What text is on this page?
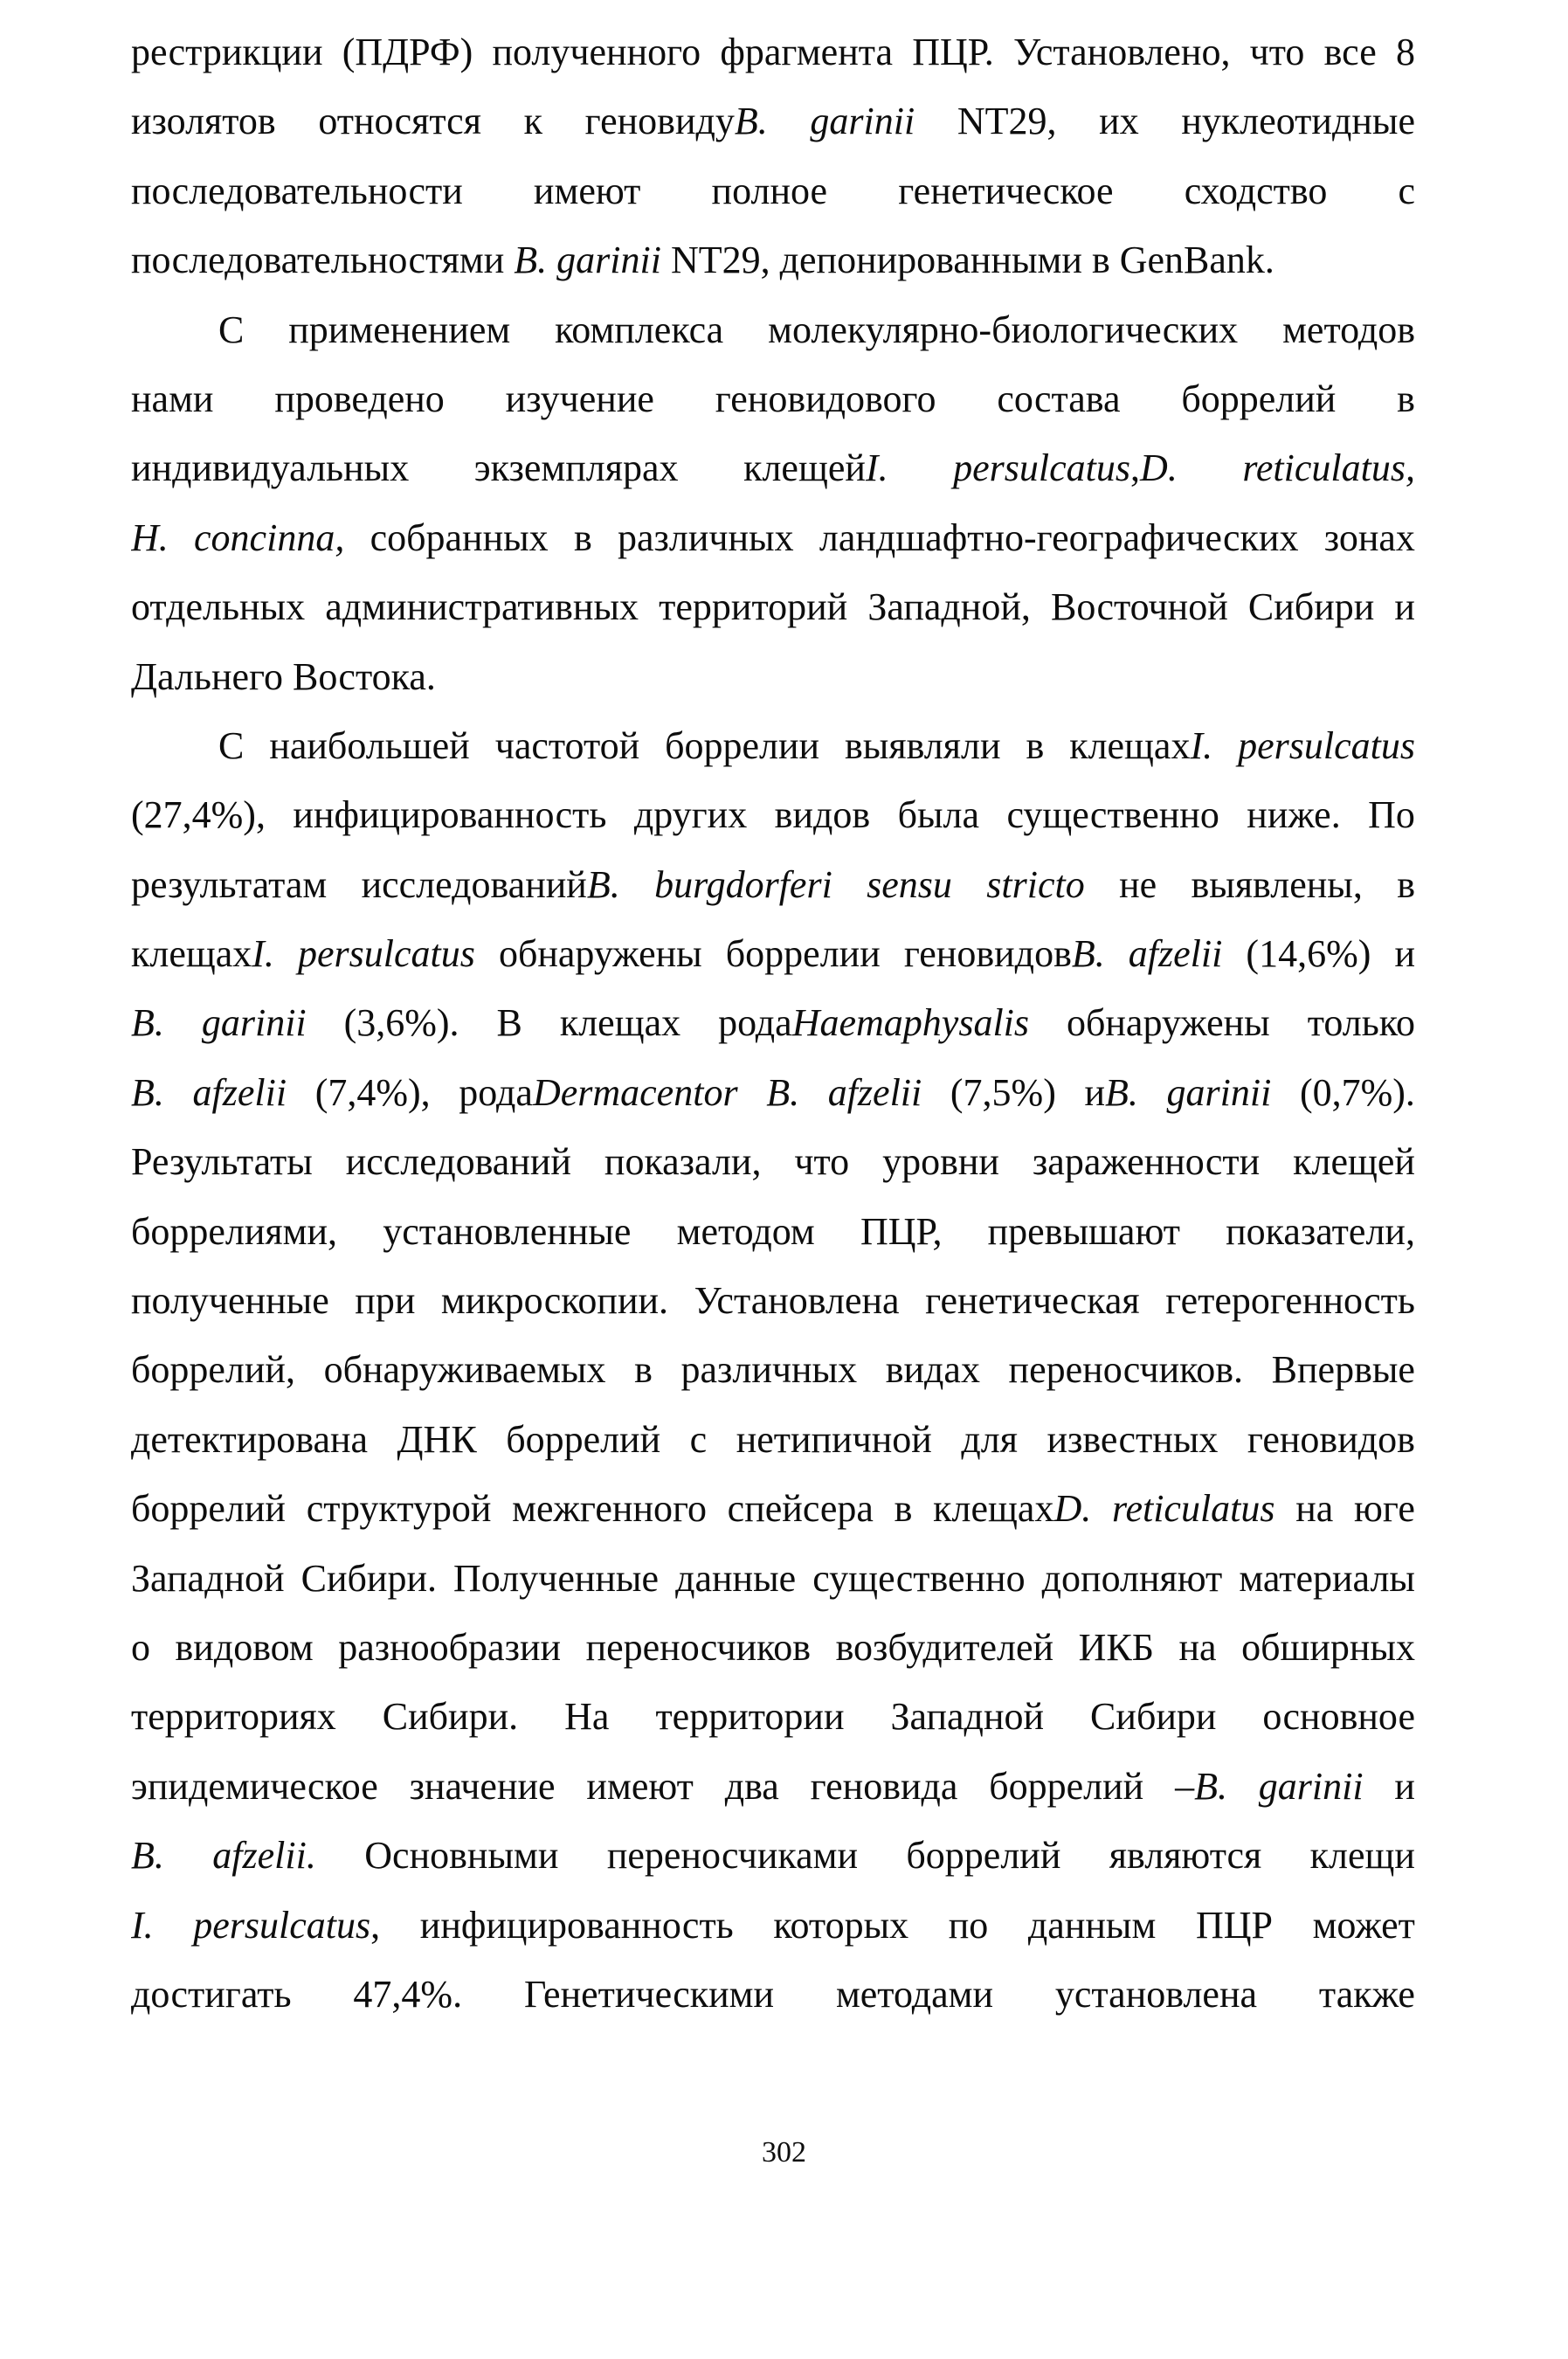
рестрикции (ПДРФ) полученного фрагмента ПЦР. Установлено, что все 8
изолятов относятся к геновидуB. garinii NT29, их нуклеотидные
последовательности имеют полное генетическое сходство с
последовательностями B. garinii NT29, депонированными в GenBank.
С применением комплекса молекулярно-биологических методов
нами проведено изучение геновидового состава боррелий в
индивидуальных экземплярах клещейI. persulcatus,D. reticulatus,
H. concinna, собранных в различных ландшафтно-географических зонах
отдельных административных территорий Западной, Восточной Сибири и
Дальнего Востока.
С наибольшей частотой боррелии выявляли в клещахI. persulcatus
(27,4%), инфицированность других видов была существенно ниже. По
результатам исследованийB. burgdorferi sensu stricto не выявлены, в
клещахI. persulcatus обнаружены боррелии геновидовB. afzelii (14,6%) и
B. garinii (3,6%). В клещах родаHaemaphysalis обнаружены только
B. afzelii (7,4%), родаDermacentor B. afzelii (7,5%) иB. garinii (0,7%).
Результаты исследований показали, что уровни зараженности клещей
боррелиями, установленные методом ПЦР, превышают показатели,
полученные при микроскопии. Установлена генетическая гетерогенность
боррелий, обнаруживаемых в различных видах переносчиков. Впервые
детектирована ДНК боррелий с нетипичной для известных геновидов
боррелий структурой межгенного спейсера в клещахD. reticulatus на юге
Западной Сибири. Полученные данные существенно дополняют материалы
о видовом разнообразии переносчиков возбудителей ИКБ на обширных
территориях Сибири. На территории Западной Сибири основное
эпидемическое значение имеют два геновида боррелий –B. garinii и
B. afzelii. Основными переносчиками боррелий являются клещи
I. persulcatus, инфицированность которых по данным ПЦР может
достигать 47,4%. Генетическими методами установлена также
302
